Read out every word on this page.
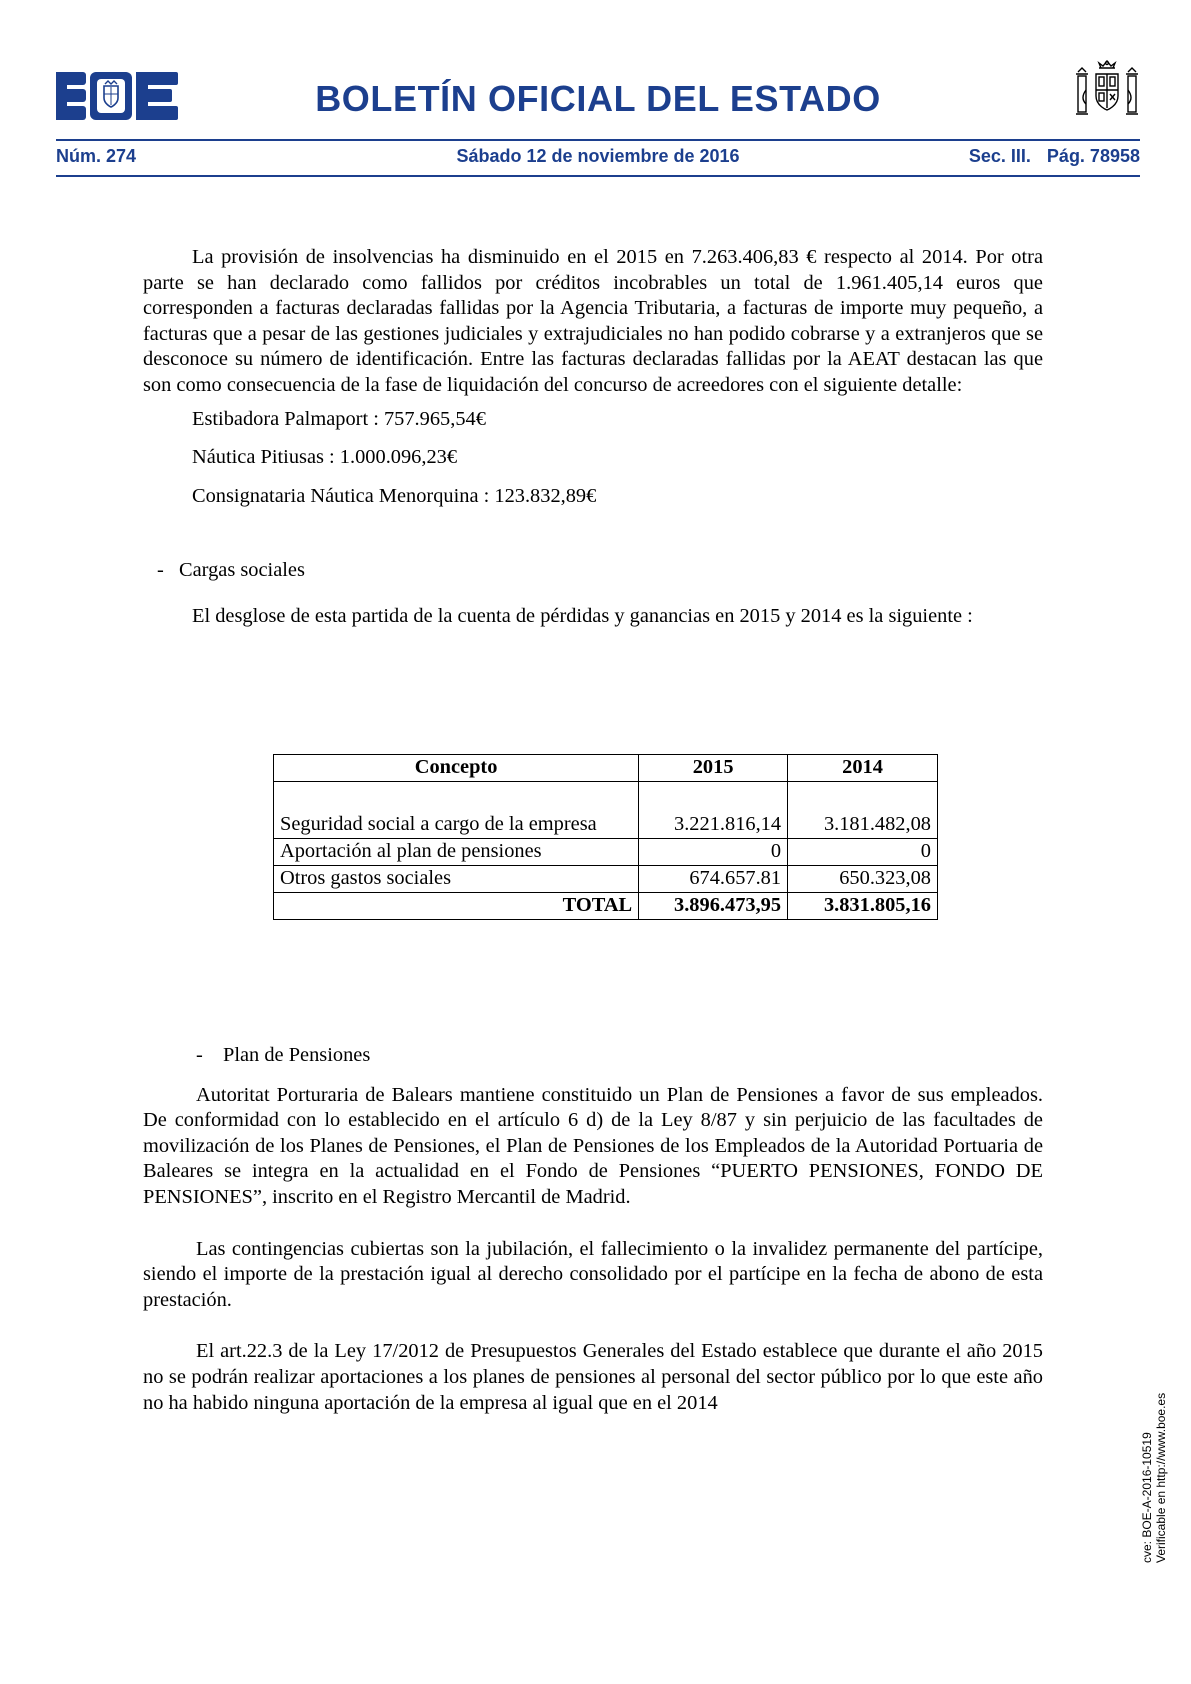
BOLETÍN OFICIAL DEL ESTADO
Núm. 274	Sábado 12 de noviembre de 2016	Sec. III. Pág. 78958

La provisión de insolvencias ha disminuido en el 2015 en 7.263.406,83 € respecto al 2014. Por otra parte se han declarado como fallidos por créditos incobrables un total de 1.961.405,14 euros que corresponden a facturas declaradas fallidas por la Agencia Tributaria, a facturas de importe muy pequeño, a facturas que a pesar de las gestiones judiciales y extrajudiciales no han podido cobrarse y a extranjeros que se desconoce su número de identificación. Entre las facturas declaradas fallidas por la AEAT destacan las que son como consecuencia de la fase de liquidación del concurso de acreedores con el siguiente detalle:

Estibadora Palmaport : 757.965,54€

Náutica Pitiusas : 1.000.096,23€

Consignataria Náutica Menorquina : 123.832,89€

- Cargas sociales

El desglose de esta partida de la cuenta de pérdidas y ganancias en 2015 y 2014 es la siguiente :

Concepto	2015	2014
Seguridad social a cargo de la empresa	3.221.816,14	3.181.482,08
Aportación al plan de pensiones	0	0
Otros gastos sociales	674.657.81	650.323,08
TOTAL	3.896.473,95	3.831.805,16

- Plan de Pensiones

Autoritat Porturaria de Balears mantiene constituido un Plan de Pensiones a favor de sus empleados. De conformidad con lo establecido en el artículo 6 d) de la Ley 8/87 y sin perjuicio de las facultades de movilización de los Planes de Pensiones, el Plan de Pensiones de los Empleados de la Autoridad Portuaria de Baleares se integra en la actualidad en el Fondo de Pensiones “PUERTO PENSIONES, FONDO DE PENSIONES”, inscrito en el Registro Mercantil de Madrid.

Las contingencias cubiertas son la jubilación, el fallecimiento o la invalidez permanente del partícipe, siendo el importe de la prestación igual al derecho consolidado por el partícipe en la fecha de abono de esta prestación.

El art.22.3 de la Ley 17/2012 de Presupuestos Generales del Estado establece que durante el año 2015 no se podrán realizar aportaciones a los planes de pensiones al personal del sector público por lo que este año no ha habido ninguna aportación de la empresa al igual que en el 2014

cve: BOE-A-2016-10519 Verificable en http://www.boe.es
